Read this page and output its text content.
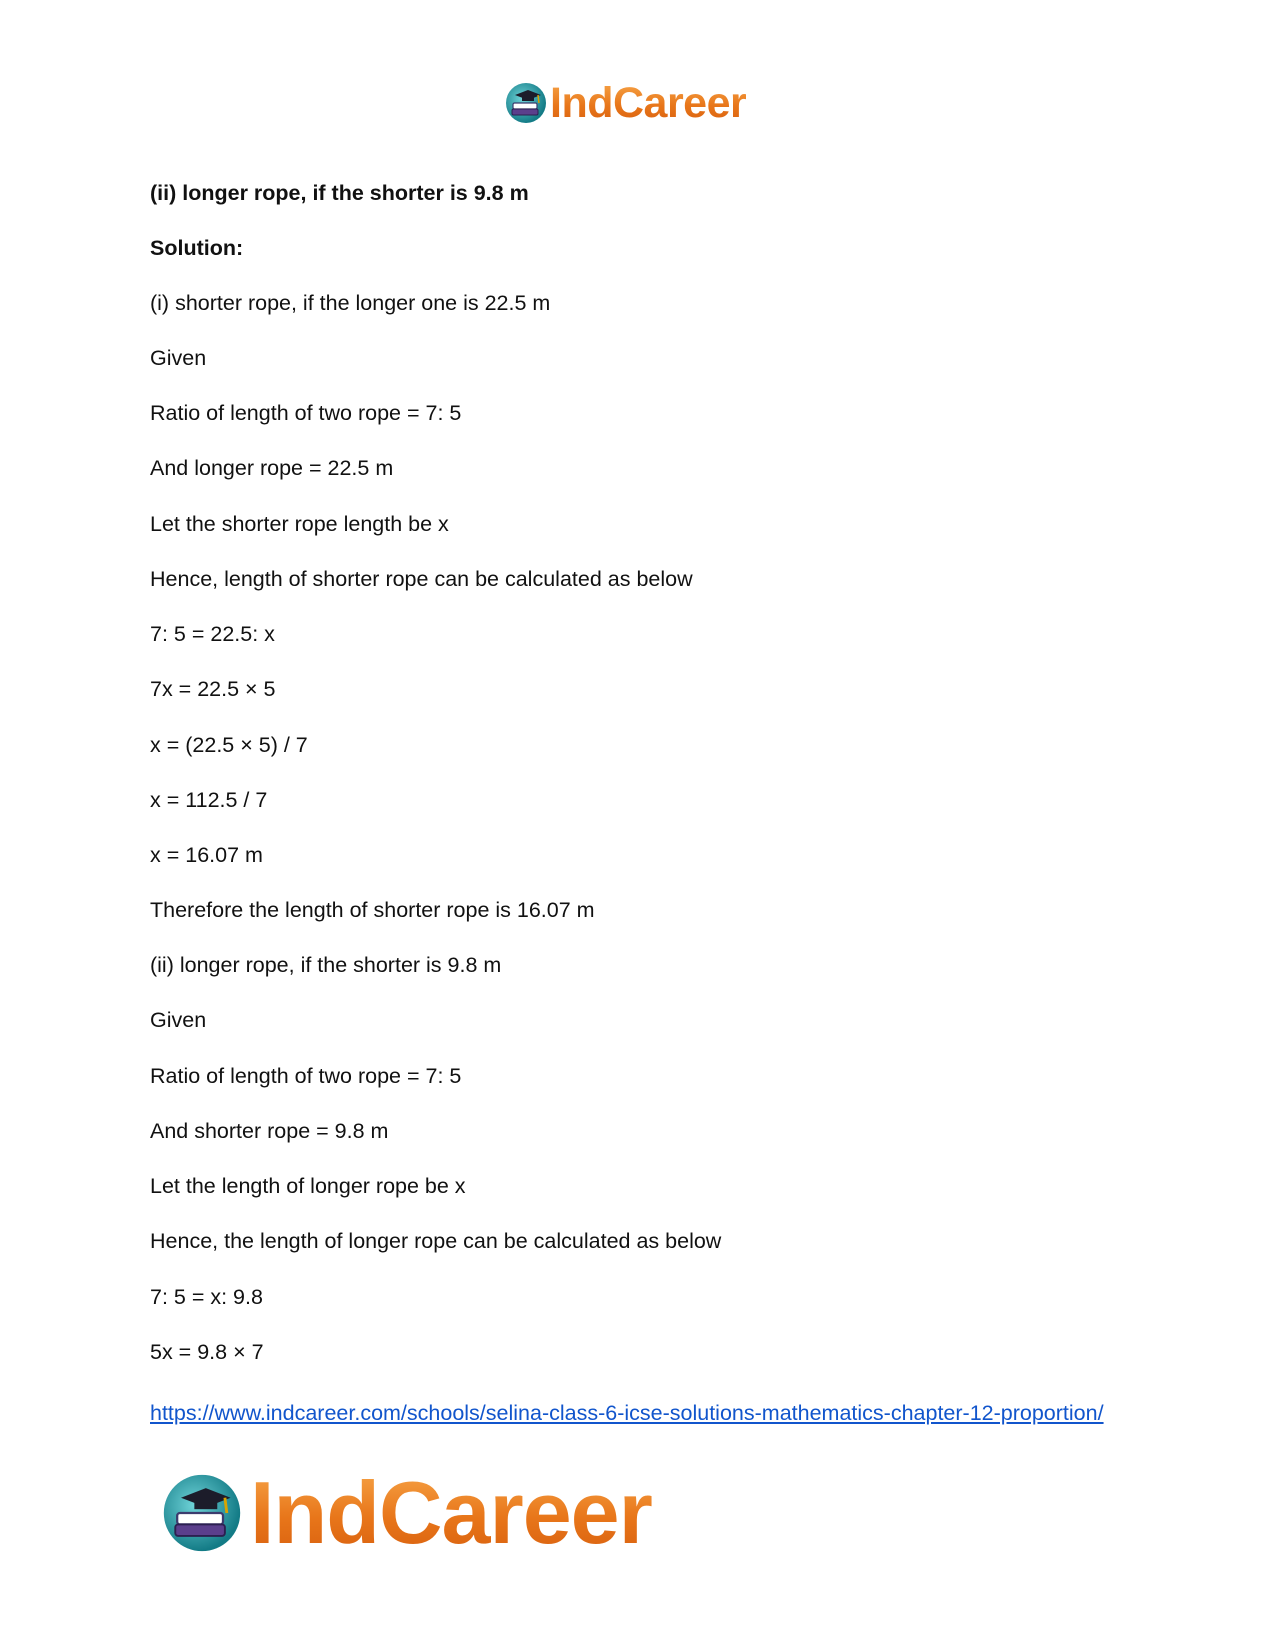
IndCareer
(ii) longer rope, if the shorter is 9.8 m
Solution:
(i) shorter rope, if the longer one is 22.5 m
Given
Ratio of length of two rope = 7: 5
And longer rope = 22.5 m
Let the shorter rope length be x
Hence, length of shorter rope can be calculated as below
7: 5 = 22.5: x
7x = 22.5 × 5
x = (22.5 × 5) / 7
x = 112.5 / 7
x = 16.07 m
Therefore the length of shorter rope is 16.07 m
(ii) longer rope, if the shorter is 9.8 m
Given
Ratio of length of two rope = 7: 5
And shorter rope = 9.8 m
Let the length of longer rope be x
Hence, the length of longer rope can be calculated as below
7: 5 = x: 9.8
5x = 9.8 × 7
https://www.indcareer.com/schools/selina-class-6-icse-solutions-mathematics-chapter-12-proportion/
IndCareer
